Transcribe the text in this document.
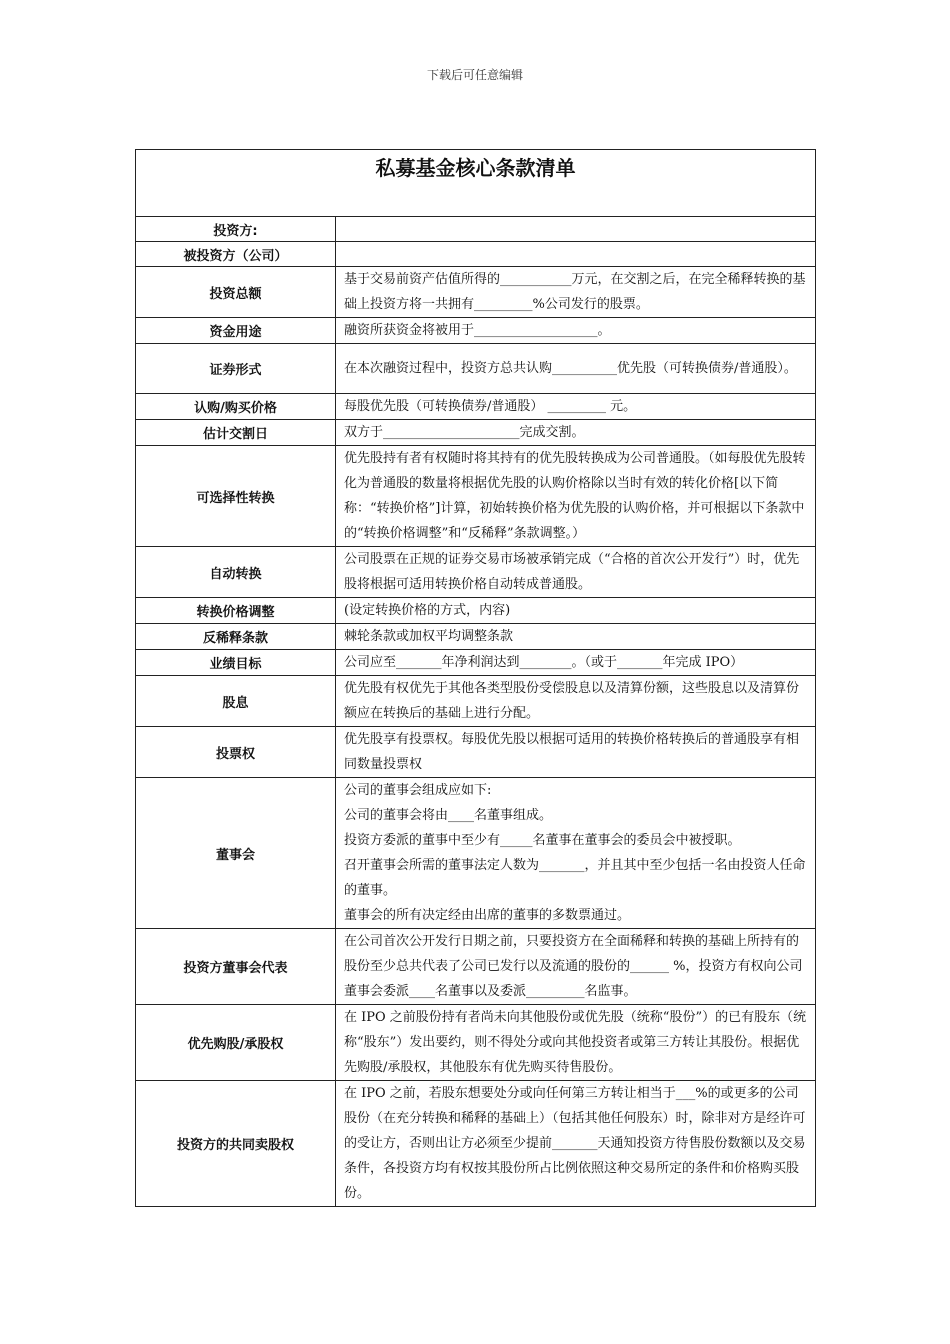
下载后可任意编辑
私募基金核心条款清单	
投资方:	

被投资方（公司）	

投资总额	基于交易前资产估值所得的___________万元，在交割之后，在完全稀释转换的基础上投资方将一共拥有_________%公司发行的股票。

资金用途	融资所获资金将被用于___________________。

证券形式	在本次融资过程中，投资方总共认购__________优先股（可转换债券/普通股）。

认购/购买价格	每股优先股（可转换债券/普通股） _________ 元。

估计交割日	双方于_____________________完成交割。

可选择性转换	优先股持有者有权随时将其持有的优先股转换成为公司普通股。（如每股优先股转化为普通股的数量将根据优先股的认购价格除以当时有效的转化价格[以下简称：“转换价格”]计算，初始转换价格为优先股的认购价格，并可根据以下条款中的“转换价格调整”和“反稀释”条款调整。）

自动转换	公司股票在正规的证券交易市场被承销完成（“合格的首次公开发行”）时，优先股将根据可适用转换价格自动转成普通股。

转换价格调整	(设定转换价格的方式，内容)

反稀释条款	棘轮条款或加权平均调整条款

业绩目标	公司应至_______年净利润达到________。（或于_______年完成 IPO）

股息	优先股有权优先于其他各类型股份受偿股息以及清算份额，这些股息以及清算份额应在转换后的基础上进行分配。

投票权	优先股享有投票权。每股优先股以根据可适用的转换价格转换后的普通股享有相同数量投票权

董事会	公司的董事会组成应如下:
公司的董事会将由____名董事组成。
投资方委派的董事中至少有_____名董事在董事会的委员会中被授职。
召开董事会所需的董事法定人数为_______，并且其中至少包括一名由投资人任命的董事。
董事会的所有决定经由出席的董事的多数票通过。

投资方董事会代表	在公司首次公开发行日期之前，只要投资方在全面稀释和转换的基础上所持有的股份至少总共代表了公司已发行以及流通的股份的______ %，投资方有权向公司董事会委派____名董事以及委派_________名监事。

优先购股/承股权	在 IPO 之前股份持有者尚未向其他股份或优先股（统称“股份”）的已有股东（统称“股东”）发出要约，则不得处分或向其他投资者或第三方转让其股份。根据优先购股/承股权，其他股东有优先购买待售股份。

投资方的共同卖股权	在 IPO 之前，若股东想要处分或向任何第三方转让相当于___%的或更多的公司股份（在充分转换和稀释的基础上）（包括其他任何股东）时，除非对方是经许可的受让方，否则出让方必须至少提前_______天通知投资方待售股份数额以及交易条件，各投资方均有权按其股份所占比例依照这种交易所定的条件和价格购买股份。
